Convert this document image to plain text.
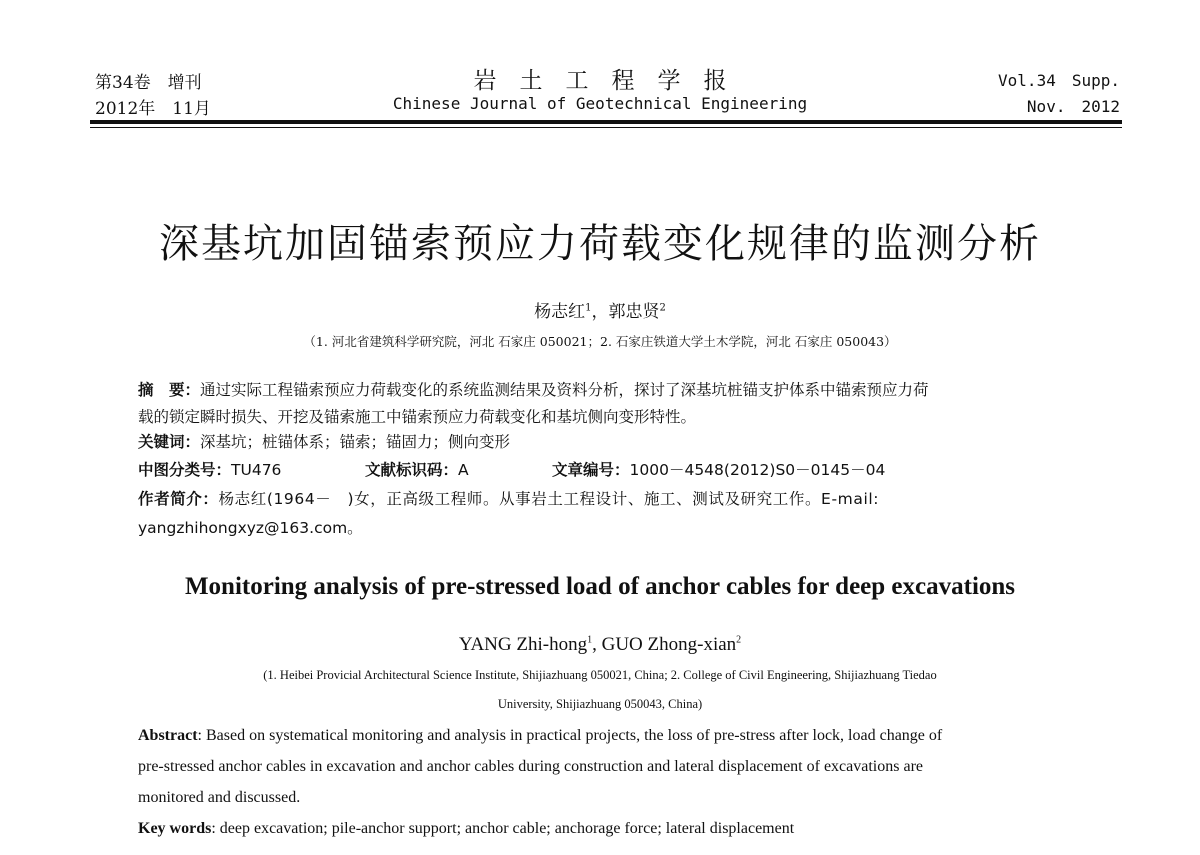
第34卷　增刊
2012年　11月
岩　土　工　程　学　报
Chinese Journal of Geotechnical Engineering
Vol.34　Supp.
Nov.　2012
深基坑加固锚索预应力荷载变化规律的监测分析
杨志红$^1$，郭忠贤$^2$
（1. 河北省建筑科学研究院，河北 石家庄 050021；2. 石家庄铁道大学土木学院，河北 石家庄 050043）
摘　要：通过实际工程锚索预应力荷载变化的系统监测结果及资料分析，探讨了深基坑桩锚支护体系中锚索预应力荷
载的锁定瞬时损失、开挖及锚索施工中锚索预应力荷载变化和基坑侧向变形特性。
关键词：深基坑；桩锚体系；锚索；锚固力；侧向变形
中图分类号：TU476	文献标识码：A	文章编号：1000－4548(2012)S0－0145－04
作者简介：杨志红(1964－　)女，正高级工程师。从事岩土工程设计、施工、测试及研究工作。E-mail:
yangzhihongxyz@163.com。
Monitoring analysis of pre-stressed load of anchor cables for deep excavations
YANG Zhi-hong$^1$, GUO Zhong-xian$^2$
(1. Heibei Provicial Architectural Science Institute, Shijiazhuang 050021, China; 2. College of Civil Engineering, Shijiazhuang Tiedao
University, Shijiazhuang 050043, China)
Abstract: Based on systematical monitoring and analysis in practical projects, the loss of pre-stress after lock, load change of
pre-stressed anchor cables in excavation and anchor cables during construction and lateral displacement of excavations are
monitored and discussed.
Key words: deep excavation; pile-anchor support; anchor cable; anchorage force; lateral displacement
